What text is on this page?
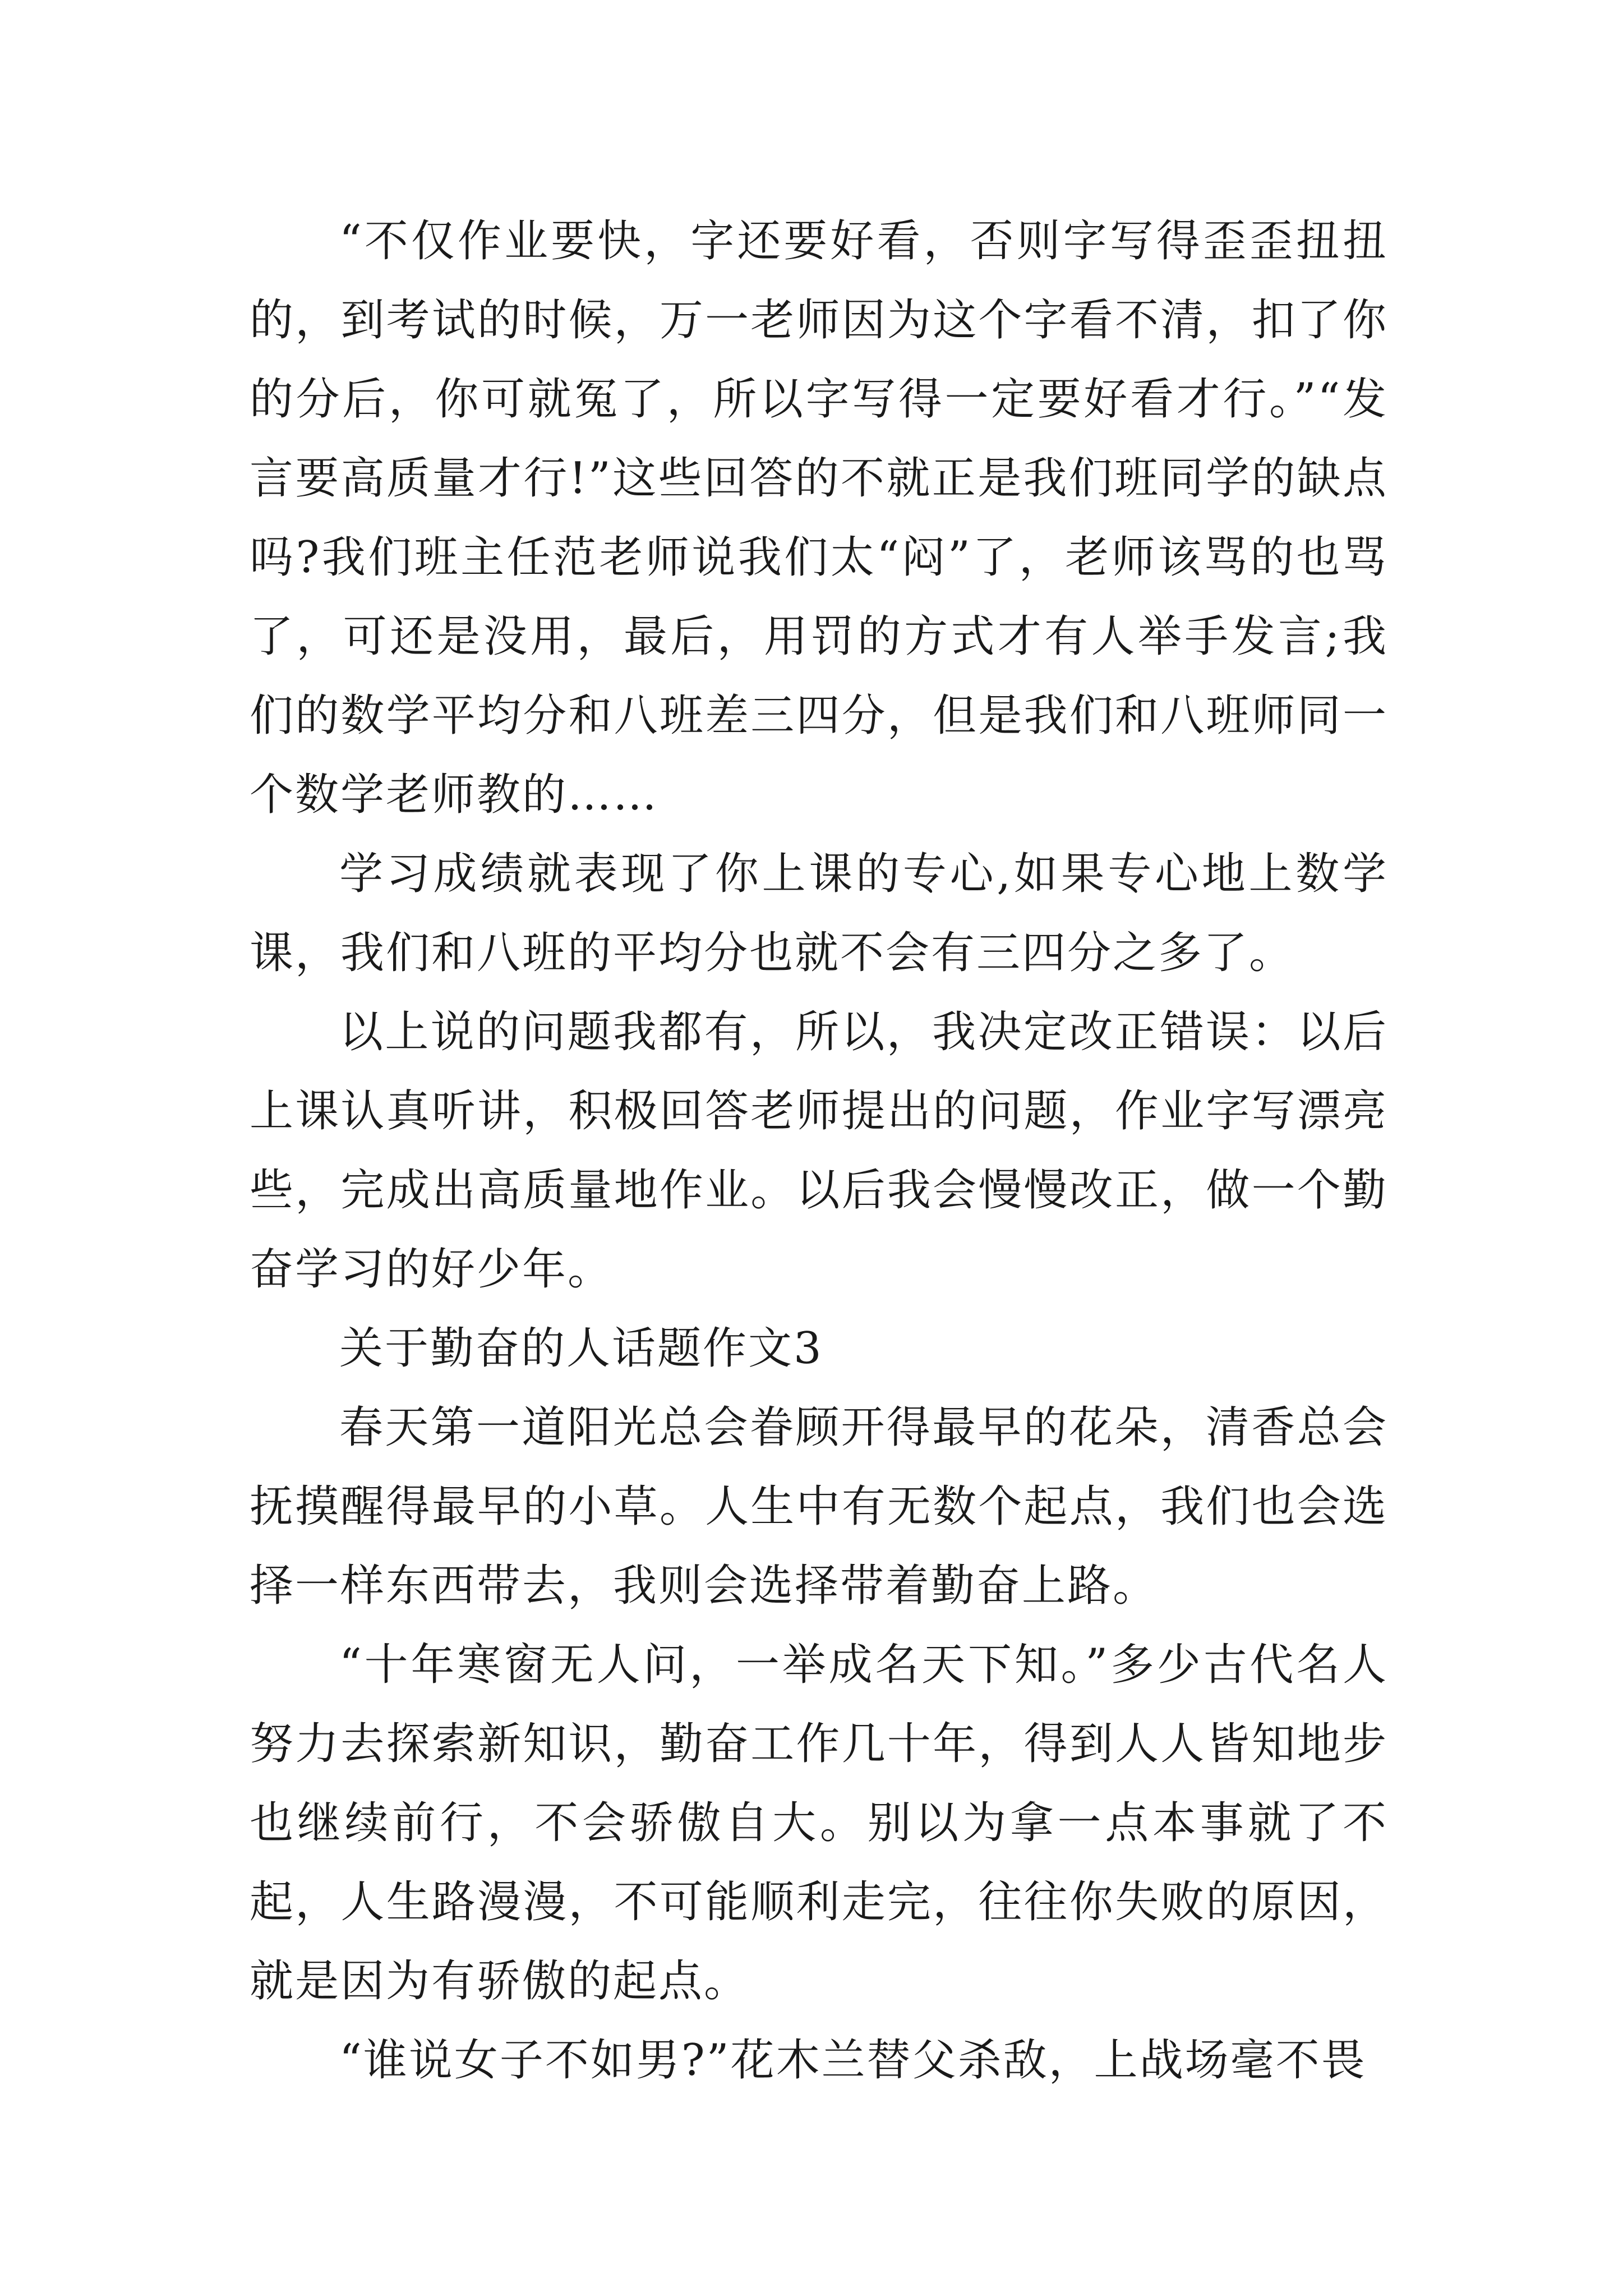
“不仅作业要快，字还要好看，否则字写得歪歪扭扭的，到考试的时候，万一老师因为这个字看不清，扣了你的分后，你可就冤了，所以字写得一定要好看才行。”“发言要高质量才行!”这些回答的不就正是我们班同学的缺点吗?我们班主任范老师说我们太“闷”了，老师该骂的也骂了，可还是没用，最后，用罚的方式才有人举手发言;我们的数学平均分和八班差三四分，但是我们和八班师同一个数学老师教的……

学习成绩就表现了你上课的专心,如果专心地上数学课，我们和八班的平均分也就不会有三四分之多了。

以上说的问题我都有，所以，我决定改正错误：以后上课认真听讲，积极回答老师提出的问题，作业字写漂亮些，完成出高质量地作业。以后我会慢慢改正，做一个勤奋学习的好少年。

关于勤奋的人话题作文3

春天第一道阳光总会眷顾开得最早的花朵，清香总会抚摸醒得最早的小草。人生中有无数个起点，我们也会选择一样东西带去，我则会选择带着勤奋上路。

“十年寒窗无人问，一举成名天下知。”多少古代名人努力去探索新知识，勤奋工作几十年，得到人人皆知地步也继续前行，不会骄傲自大。别以为拿一点本事就了不起，人生路漫漫，不可能顺利走完，往往你失败的原因，就是因为有骄傲的起点。

“谁说女子不如男?”花木兰替父杀敌，上战场毫不畏
